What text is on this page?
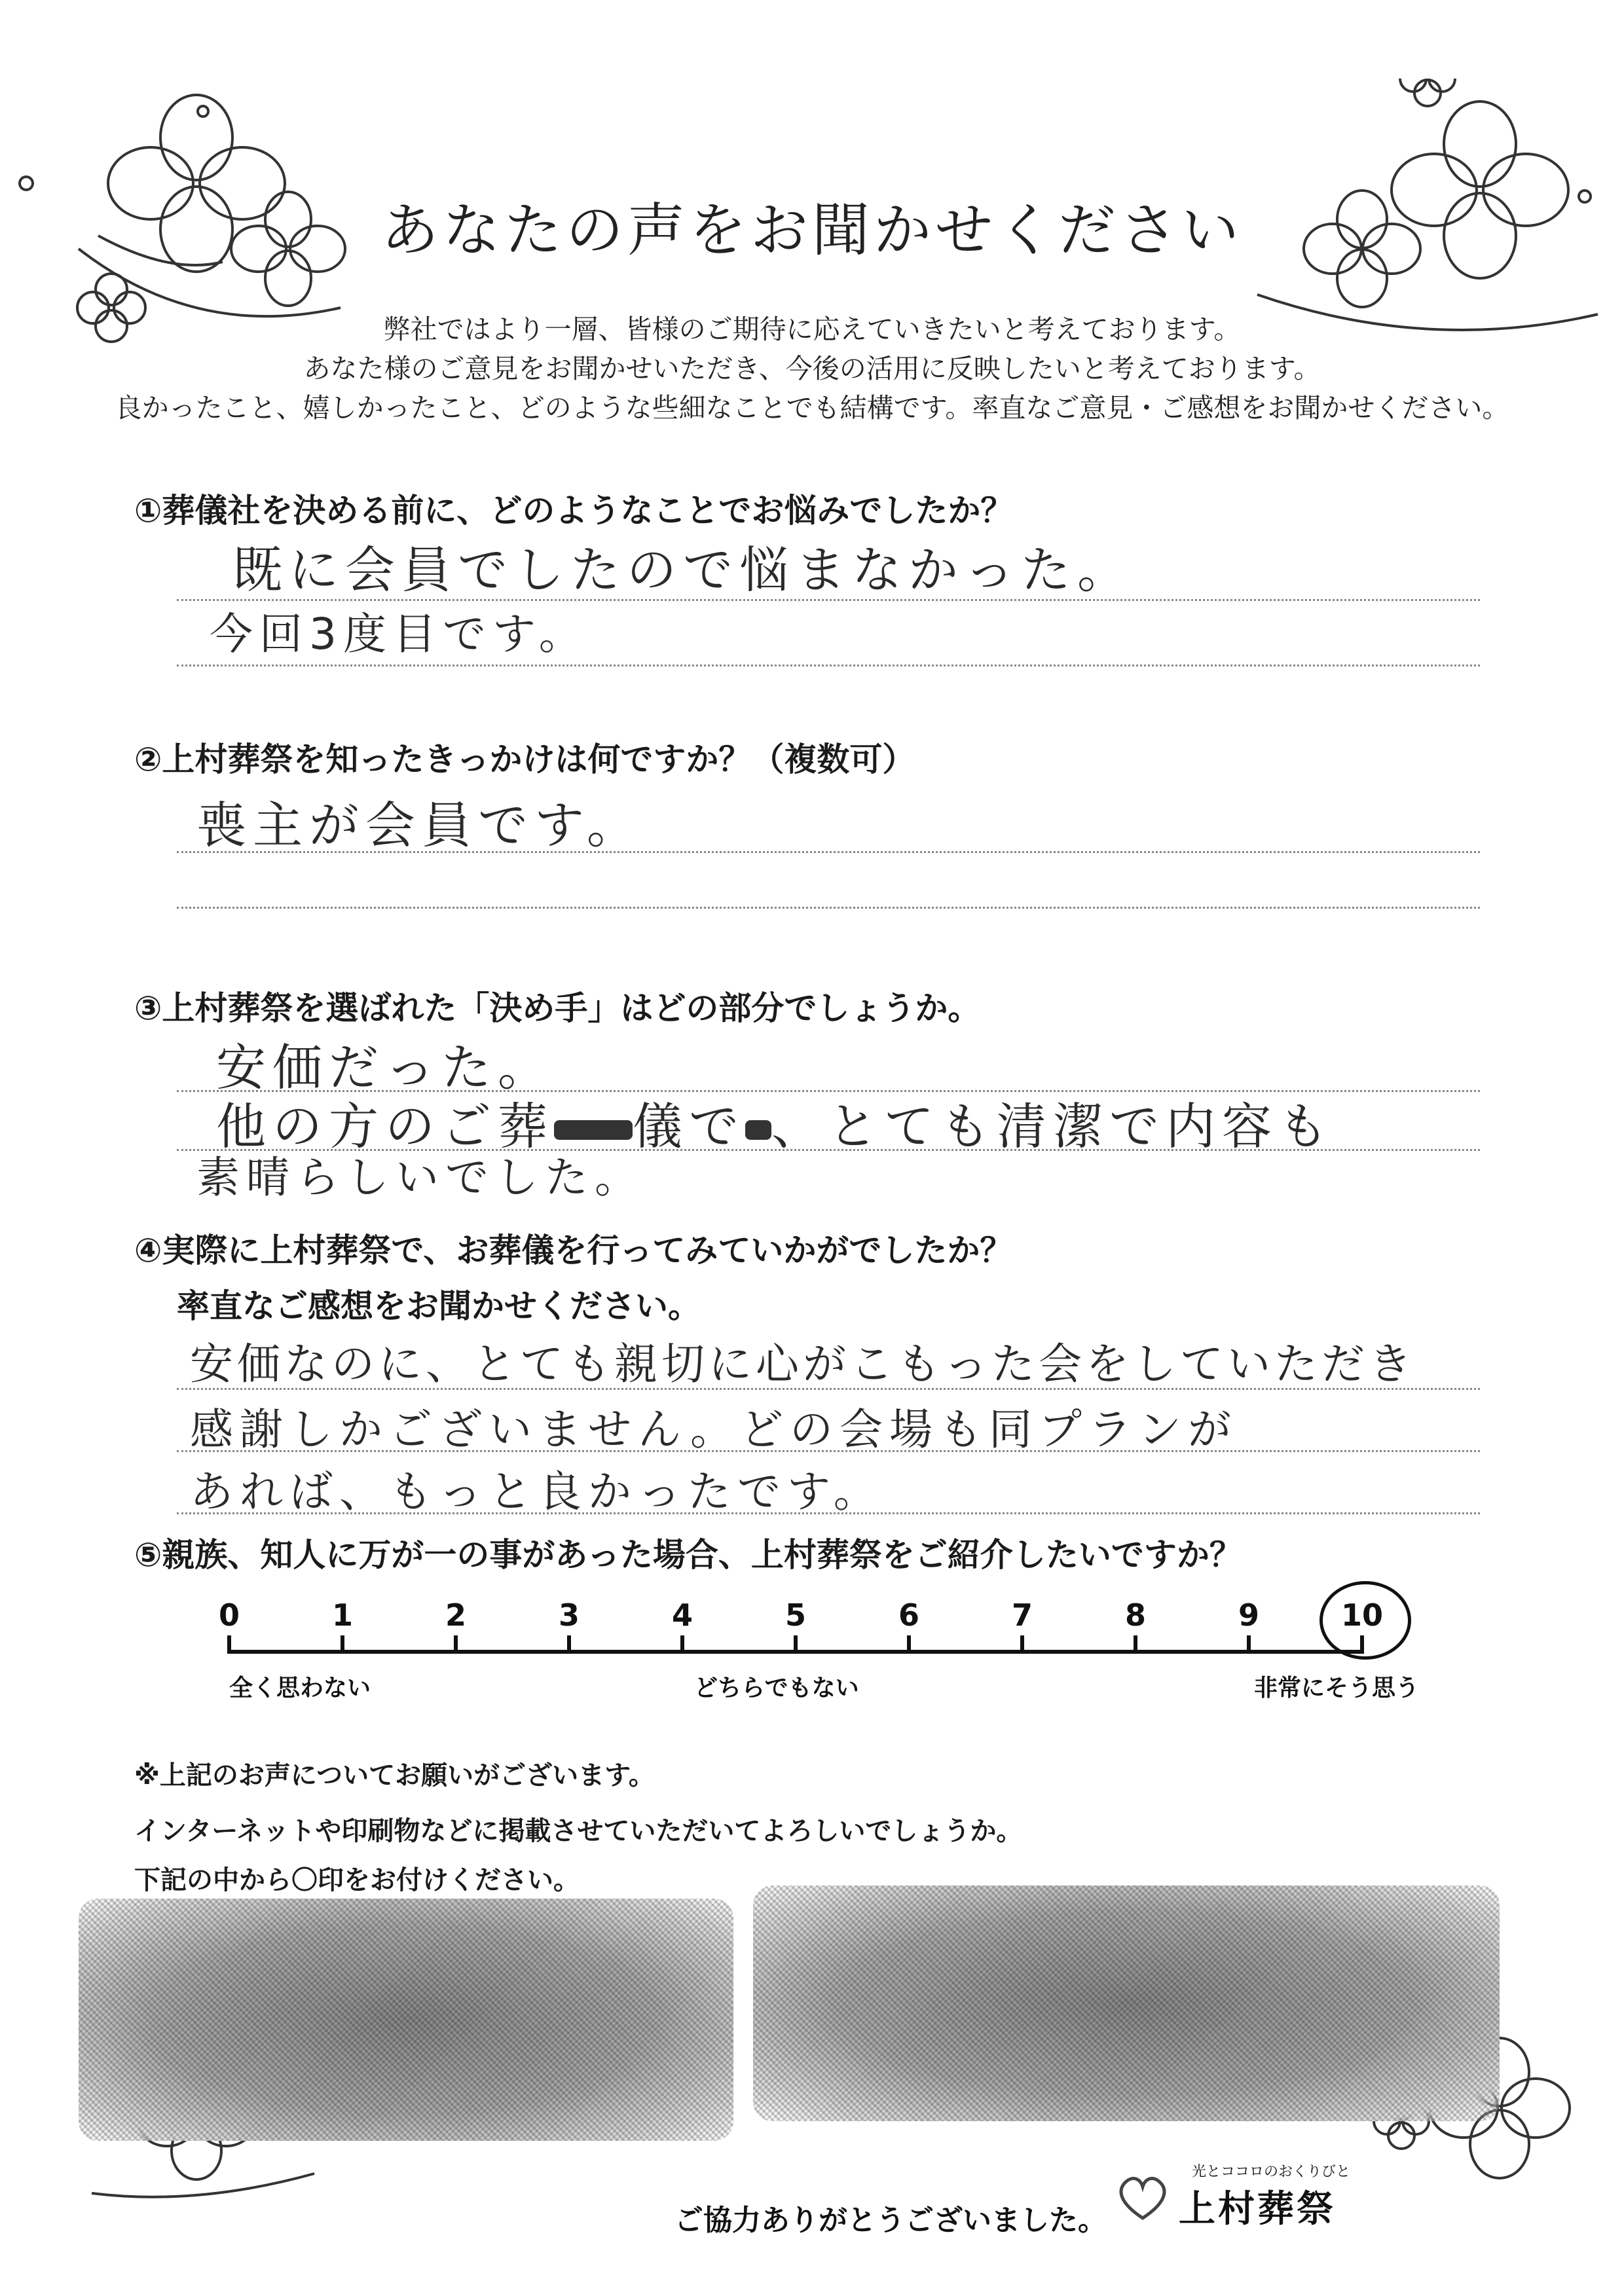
あなたの声をお聞かせください
弊社ではより一層、皆様のご期待に応えていきたいと考えております。
あなた様のご意見をお聞かせいただき、今後の活用に反映したいと考えております。
良かったこと、嬉しかったこと、どのような些細なことでも結構です。率直なご意見・ご感想をお聞かせください。
①葬儀社を決める前に、どのようなことでお悩みでしたか？
既に会員でしたので悩まなかった。
今回3度目です。
②上村葬祭を知ったきっかけは何ですか？（複数可）
喪主が会員です。
③上村葬祭を選ばれた「決め手」はどの部分でしょうか。
安価だった。
他の方のご葬 儀で 、とても清潔で内容も
素晴らしいでした。
④実際に上村葬祭で、お葬儀を行ってみていかがでしたか？
率直なご感想をお聞かせください。
安価なのに、とても親切に心がこもった会をしていただき
感謝しかございません。どの会場も同プランが
あれば、もっと良かったです。
⑤親族、知人に万が一の事があった場合、上村葬祭をご紹介したいですか？
0	1	2	3	4	5	6	7	8	9	10
全く思わない	どちらでもない	非常にそう思う
※上記のお声についてお願いがございます。
インターネットや印刷物などに掲載させていただいてよろしいでしょうか。
下記の中から〇印をお付けください。
ご協力ありがとうございました。
光とココロのおくりびと
上村葬祭
